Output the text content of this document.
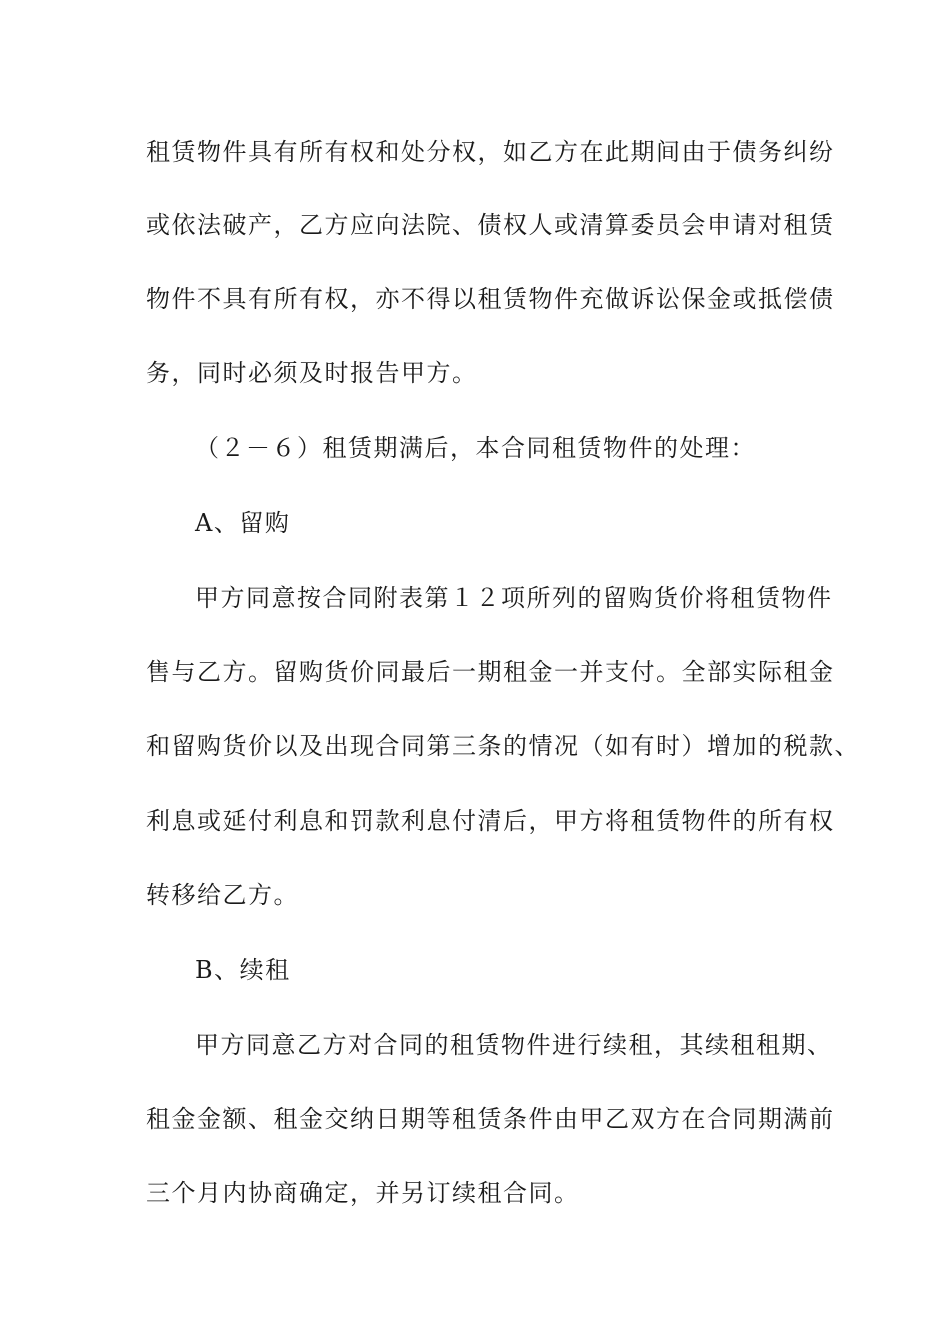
租赁物件具有所有权和处分权，如乙方在此期间由于债务纠纷
或依法破产，乙方应向法院、债权人或清算委员会申请对租赁
物件不具有所有权，亦不得以租赁物件充做诉讼保金或抵偿债
务，同时必须及时报告甲方。
（２－６）租赁期满后，本合同租赁物件的处理：
A、留购
甲方同意按合同附表第１２项所列的留购货价将租赁物件
售与乙方。留购货价同最后一期租金一并支付。全部实际租金
和留购货价以及出现合同第三条的情况（如有时）增加的税款、
利息或延付利息和罚款利息付清后，甲方将租赁物件的所有权
转移给乙方。
B、续租
甲方同意乙方对合同的租赁物件进行续租，其续租租期、
租金金额、租金交纳日期等租赁条件由甲乙双方在合同期满前
三个月内协商确定，并另订续租合同。
